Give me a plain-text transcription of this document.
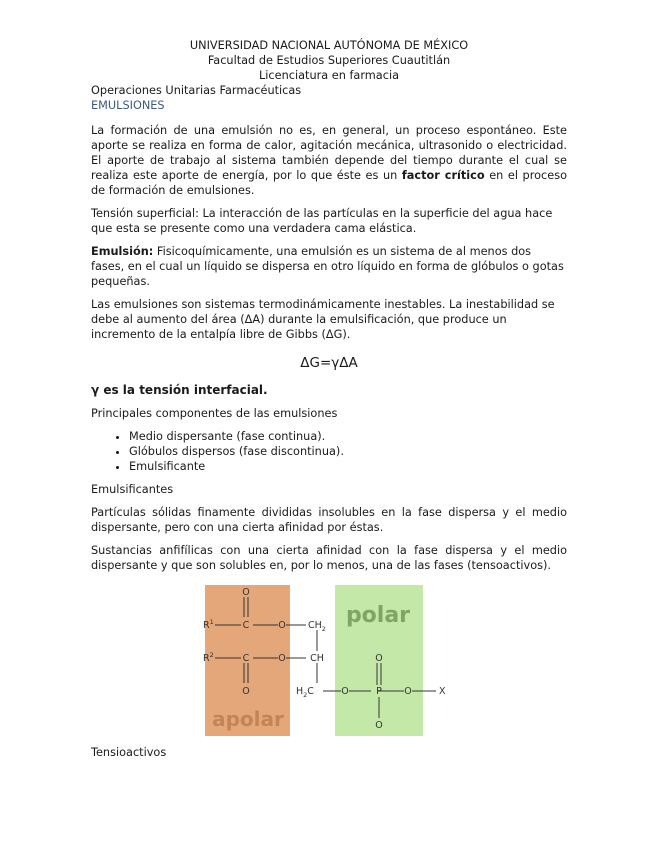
UNIVERSIDAD NACIONAL AUTÓNOMA DE MÉXICO

Facultad de Estudios Superiores Cuautitlán

Licenciatura en farmacia

Operaciones Unitarias Farmacéuticas

EMULSIONES

La formación de una emulsión no es, en general, un proceso espontáneo. Este aporte se realiza en forma de calor, agitación mecánica, ultrasonido o electricidad. El aporte de trabajo al sistema también depende del tiempo durante el cual se realiza este aporte de energía, por lo que éste es un factor crítico en el proceso de formación de emulsiones.

Tensión superficial: La interacción de las partículas en la superficie del agua hace que esta se presente como una verdadera cama elástica.

Emulsión: Fisicoquímicamente, una emulsión es un sistema de al menos dos fases, en el cual un líquido se dispersa en otro líquido en forma de glóbulos o gotas pequeñas.

Las emulsiones son sistemas termodinámicamente inestables. La inestabilidad se debe al aumento del área (ΔA) durante la emulsificación, que produce un incremento de la entalpía libre de Gibbs (ΔG).

ΔG=γΔA

γ es la tensión interfacial.

Principales componentes de las emulsiones

• Medio dispersante (fase continua).
• Glóbulos dispersos (fase discontinua).
• Emulsificante

Emulsificantes

Partículas sólidas finamente divididas insolubles en la fase dispersa y el medio dispersante, pero con una cierta afinidad por éstas.

Sustancias anfifílicas con una cierta afinidad con la fase dispersa y el medio dispersante y que son solubles en, por lo menos, una de las fases (tensoactivos).

polar
apolar
O
$R^1$	C	O $CH_2$
$R^2$	C	O	CH
O	$H_2C$	O	P
O
O	X
O

Tensioactivos
